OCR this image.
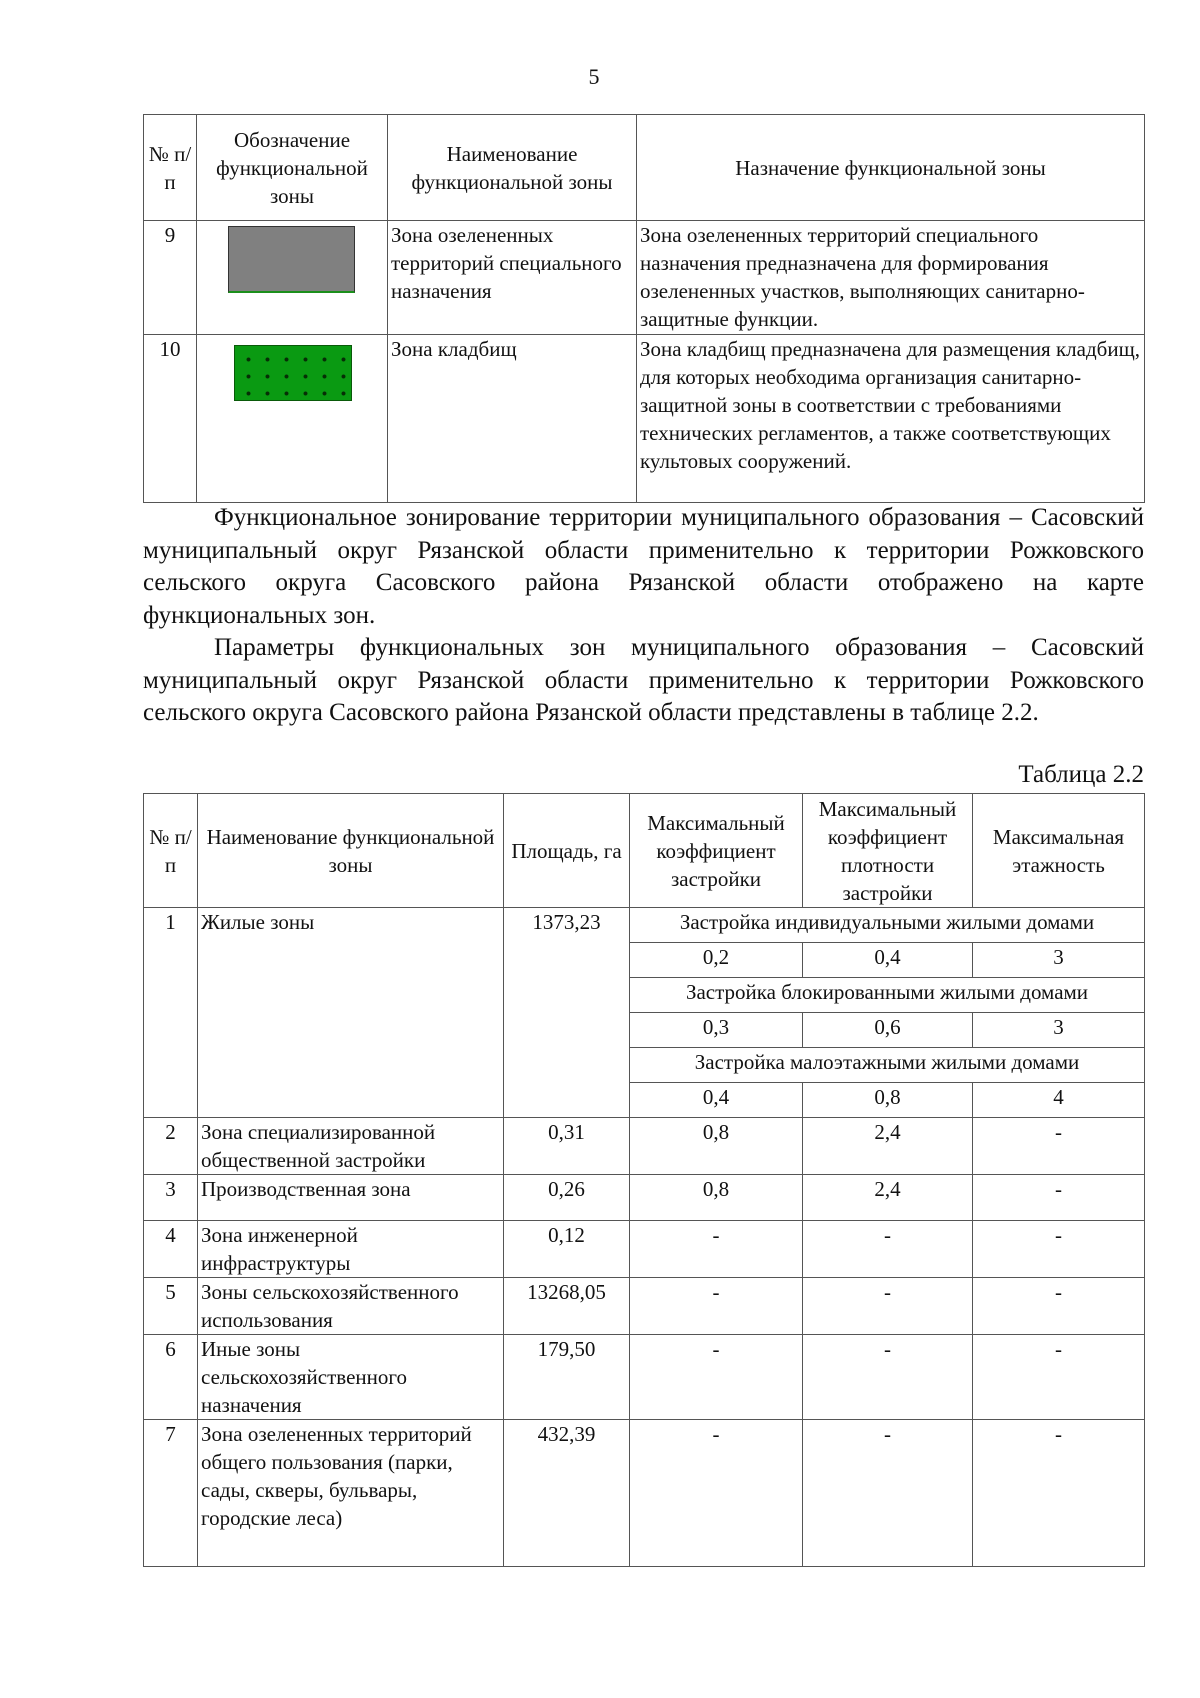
5
№ п/п	Обозначение функциональной зоны	Наименование функциональной зоны	Назначение функциональной зоны
9		Зона озелененных территорий специального назначения	Зона озелененных территорий специального назначения предназначена для формирования озелененных участков, выполняющих санитарно-защитные функции.
10		Зона кладбищ	Зона кладбищ предназначена для размещения кладбищ, для которых необходима организация санитарно-защитной зоны в соответствии с требованиями технических регламентов, а также соответствующих культовых сооружений.

Функциональное зонирование территории муниципального образования – Сасовский муниципальный округ Рязанской области применительно к территории Рожковского сельского округа Сасовского района Рязанской области отображено на карте функциональных зон.

Параметры функциональных зон муниципального образования – Сасовский муниципальный округ Рязанской области применительно к территории Рожковского сельского округа Сасовского района Рязанской области представлены в таблице 2.2.

Таблица 2.2
№ п/п	Наименование функциональной зоны	Площадь, га	Максимальный коэффициент застройки	Максимальный коэффициент плотности застройки	Максимальная этажность
1	Жилые зоны	1373,23	Застройка индивидуальными жилыми домами		
			0,2	0,4	3
			Застройка блокированными жилыми домами		
			0,3	0,6	3
			Застройка малоэтажными жилыми домами		
			0,4	0,8	4
2	Зона специализированной общественной застройки	0,31	0,8	2,4	-
3	Производственная зона	0,26	0,8	2,4	-
4	Зона инженерной инфраструктуры	0,12	-	-	-
5	Зоны сельскохозяйственного использования	13268,05	-	-	-
6	Иные зоны сельскохозяйственного назначения	179,50	-	-	-
7	Зона озелененных территорий общего пользования (парки, сады, скверы, бульвары, городские леса)	432,39	-	-	-
